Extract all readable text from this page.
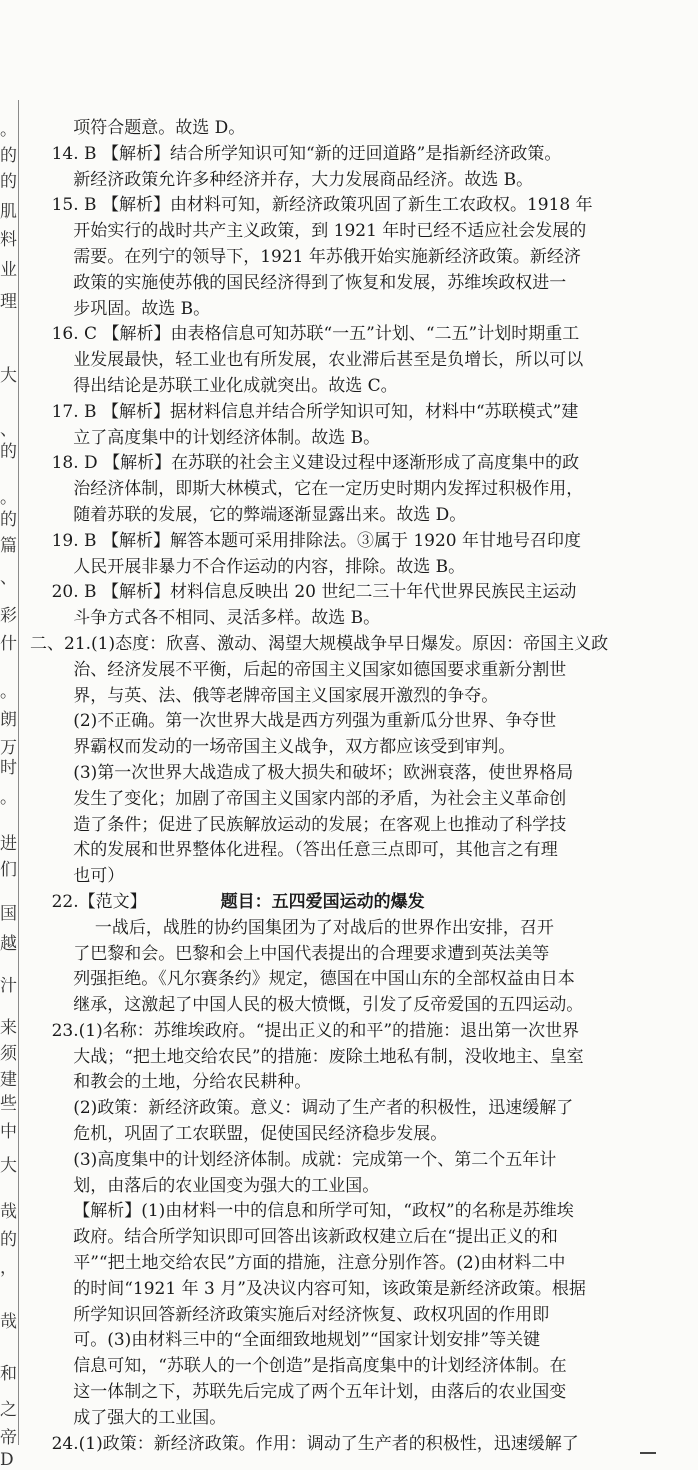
。
的
的
肌
料
业
理
大
、
的
。
的
篇
、
彩
什
。
朗
万
时
。
进
们
国
越
汁
来
须
建
些
中
大
哉
的
，
哉
和
之
帝
D
项符合题意。故选 D。
14. B 【解析】结合所学知识可知“新的迂回道路”是指新经济政策。
新经济政策允许多种经济并存，大力发展商品经济。故选 B。
15. B 【解析】由材料可知，新经济政策巩固了新生工农政权。1918 年
开始实行的战时共产主义政策，到 1921 年时已经不适应社会发展的
需要。在列宁的领导下，1921 年苏俄开始实施新经济政策。新经济
政策的实施使苏俄的国民经济得到了恢复和发展，苏维埃政权进一
步巩固。故选 B。
16. C 【解析】由表格信息可知苏联“一五”计划、“二五”计划时期重工
业发展最快，轻工业也有所发展，农业滞后甚至是负增长，所以可以
得出结论是苏联工业化成就突出。故选 C。
17. B 【解析】据材料信息并结合所学知识可知，材料中“苏联模式”建
立了高度集中的计划经济体制。故选 B。
18. D 【解析】在苏联的社会主义建设过程中逐渐形成了高度集中的政
治经济体制，即斯大林模式，它在一定历史时期内发挥过积极作用，
随着苏联的发展，它的弊端逐渐显露出来。故选 D。
19. B 【解析】解答本题可采用排除法。③属于 1920 年甘地号召印度
人民开展非暴力不合作运动的内容，排除。故选 B。
20. B 【解析】材料信息反映出 20 世纪二三十年代世界民族民主运动
斗争方式各不相同、灵活多样。故选 B。
二、21.(1)态度：欣喜、激动、渴望大规模战争早日爆发。原因：帝国主义政
治、经济发展不平衡，后起的帝国主义国家如德国要求重新分割世
界，与英、法、俄等老牌帝国主义国家展开激烈的争夺。
(2)不正确。第一次世界大战是西方列强为重新瓜分世界、争夺世
界霸权而发动的一场帝国主义战争，双方都应该受到审判。
(3)第一次世界大战造成了极大损失和破坏；欧洲衰落，使世界格局
发生了变化；加剧了帝国主义国家内部的矛盾，为社会主义革命创
造了条件；促进了民族解放运动的发展；在客观上也推动了科学技
术的发展和世界整体化进程。（答出任意三点即可，其他言之有理
也可）
22.【范文】	题目：五四爱国运动的爆发
一战后，战胜的协约国集团为了对战后的世界作出安排，召开
了巴黎和会。巴黎和会上中国代表提出的合理要求遭到英法美等
列强拒绝。《凡尔赛条约》规定，德国在中国山东的全部权益由日本
继承，这激起了中国人民的极大愤慨，引发了反帝爱国的五四运动。
23.(1)名称：苏维埃政府。“提出正义的和平”的措施：退出第一次世界
大战；“把土地交给农民”的措施：废除土地私有制，没收地主、皇室
和教会的土地，分给农民耕种。
(2)政策：新经济政策。意义：调动了生产者的积极性，迅速缓解了
危机，巩固了工农联盟，促使国民经济稳步发展。
(3)高度集中的计划经济体制。成就：完成第一个、第二个五年计
划，由落后的农业国变为强大的工业国。
【解析】(1)由材料一中的信息和所学可知，“政权”的名称是苏维埃
政府。结合所学知识即可回答出该新政权建立后在“提出正义的和
平”“把土地交给农民”方面的措施，注意分别作答。(2)由材料二中
的时间“1921 年 3 月”及决议内容可知，该政策是新经济政策。根据
所学知识回答新经济政策实施后对经济恢复、政权巩固的作用即
可。(3)由材料三中的“全面细致地规划”“国家计划安排”等关键
信息可知，“苏联人的一个创造”是指高度集中的计划经济体制。在
这一体制之下，苏联先后完成了两个五年计划，由落后的农业国变
成了强大的工业国。
24.(1)政策：新经济政策。作用：调动了生产者的积极性，迅速缓解了
